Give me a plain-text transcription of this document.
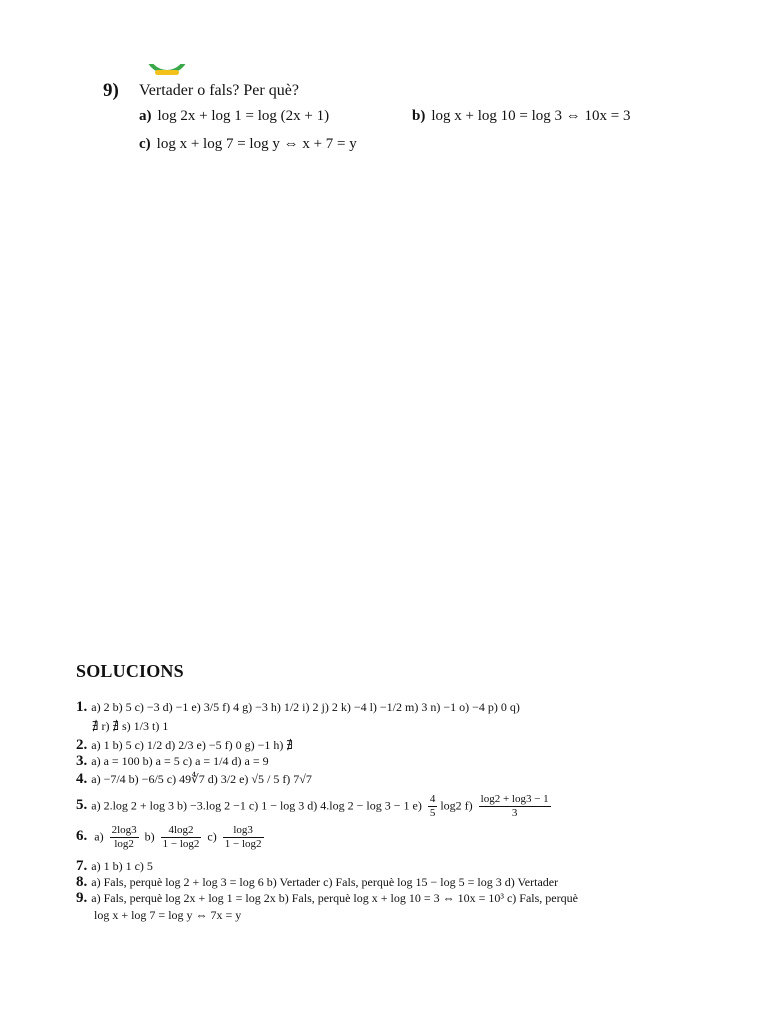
9) Vertader o fals? Per què?
a) log 2x + log 1 = log (2x + 1)	b) log x + log 10 = log 3 ⇔ 10x = 3
c) log x + log 7 = log y ⇔ x + 7 = y
SOLUCIONS
1. a) 2 b) 5 c) −3 d) −1 e) 3/5 f) 4 g) −3 h) 1/2 i) 2 j) 2 k) −4 l) −1/2 m) 3 n) −1 o) −4 p) 0 q)
∄ r) ∄ s) 1/3 t) 1
2. a) 1 b) 5 c) 1/2 d) 2/3 e) −5 f) 0 g) −1 h) ∄
3. a) a = 100 b) a = 5 c) a = 1/4 d) a = 9
4. a) −7/4 b) −6/5 c) 49∜7 d) 3/2 e) √5 / 5 f) 7√7
5. a) 2.log 2 + log 3 b) −3.log 2 −1 c) 1 − log 3 d) 4.log 2 − log 3 − 1 $e) \frac{4}{5} \log 2$ $f) \frac{\log 2 + \log 3 - 1}{3}$
6. $a) \frac{2\log 3}{\log 2} b) \frac{4\log 2}{1 - \log 2} c) \frac{\log 3}{1 - \log 2}$
7. a) 1 b) 1 c) 5
8. a) Fals, perquè log 2 + log 3 = log 6 b) Vertader c) Fals, perquè log 15 − log 5 = log 3 d) Vertader
9. a) Fals, perquè log 2x + log 1 = log 2x b) Fals, perquè log x + log 10 = 3 ⇔ 10x = 10³ c) Fals, perquè
log x + log 7 = log y ⇔ 7x = y
